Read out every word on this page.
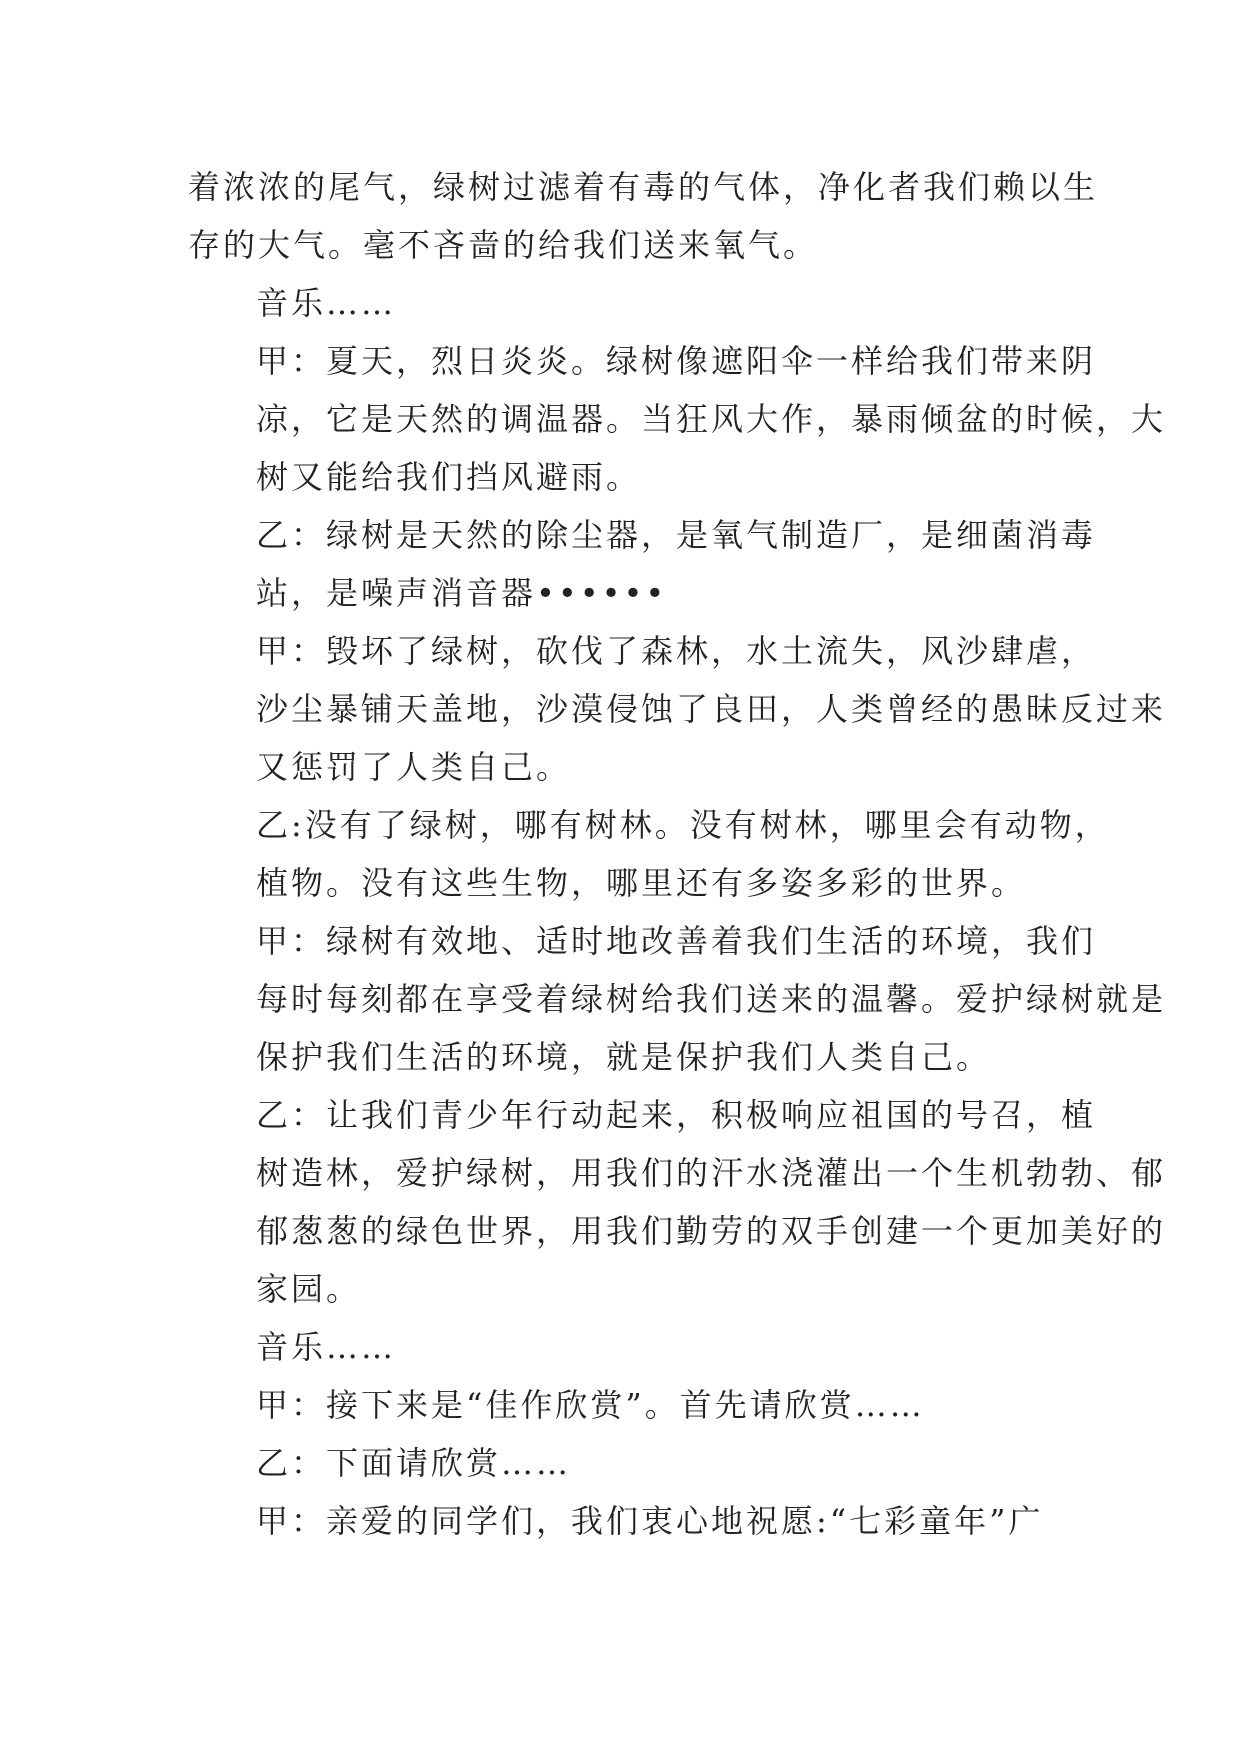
着浓浓的尾气，绿树过滤着有毒的气体，净化者我们赖以生
存的大气。毫不吝啬的给我们送来氧气。
音乐……
甲：夏天，烈日炎炎。绿树像遮阳伞一样给我们带来阴
凉，它是天然的调温器。当狂风大作，暴雨倾盆的时候，大
树又能给我们挡风避雨。
乙：绿树是天然的除尘器，是氧气制造厂，是细菌消毒
站，是噪声消音器••••••
甲：毁坏了绿树，砍伐了森林，水土流失，风沙肆虐，
沙尘暴铺天盖地，沙漠侵蚀了良田，人类曾经的愚昧反过来
又惩罚了人类自己。
乙:没有了绿树，哪有树林。没有树林，哪里会有动物，
植物。没有这些生物，哪里还有多姿多彩的世界。
甲：绿树有效地、适时地改善着我们生活的环境，我们
每时每刻都在享受着绿树给我们送来的温馨。爱护绿树就是
保护我们生活的环境，就是保护我们人类自己。
乙：让我们青少年行动起来，积极响应祖国的号召，植
树造林，爱护绿树，用我们的汗水浇灌出一个生机勃勃、郁
郁葱葱的绿色世界，用我们勤劳的双手创建一个更加美好的
家园。
音乐……
甲：接下来是“佳作欣赏”。首先请欣赏……
乙：下面请欣赏……
甲：亲爱的同学们，我们衷心地祝愿:“七彩童年”广
